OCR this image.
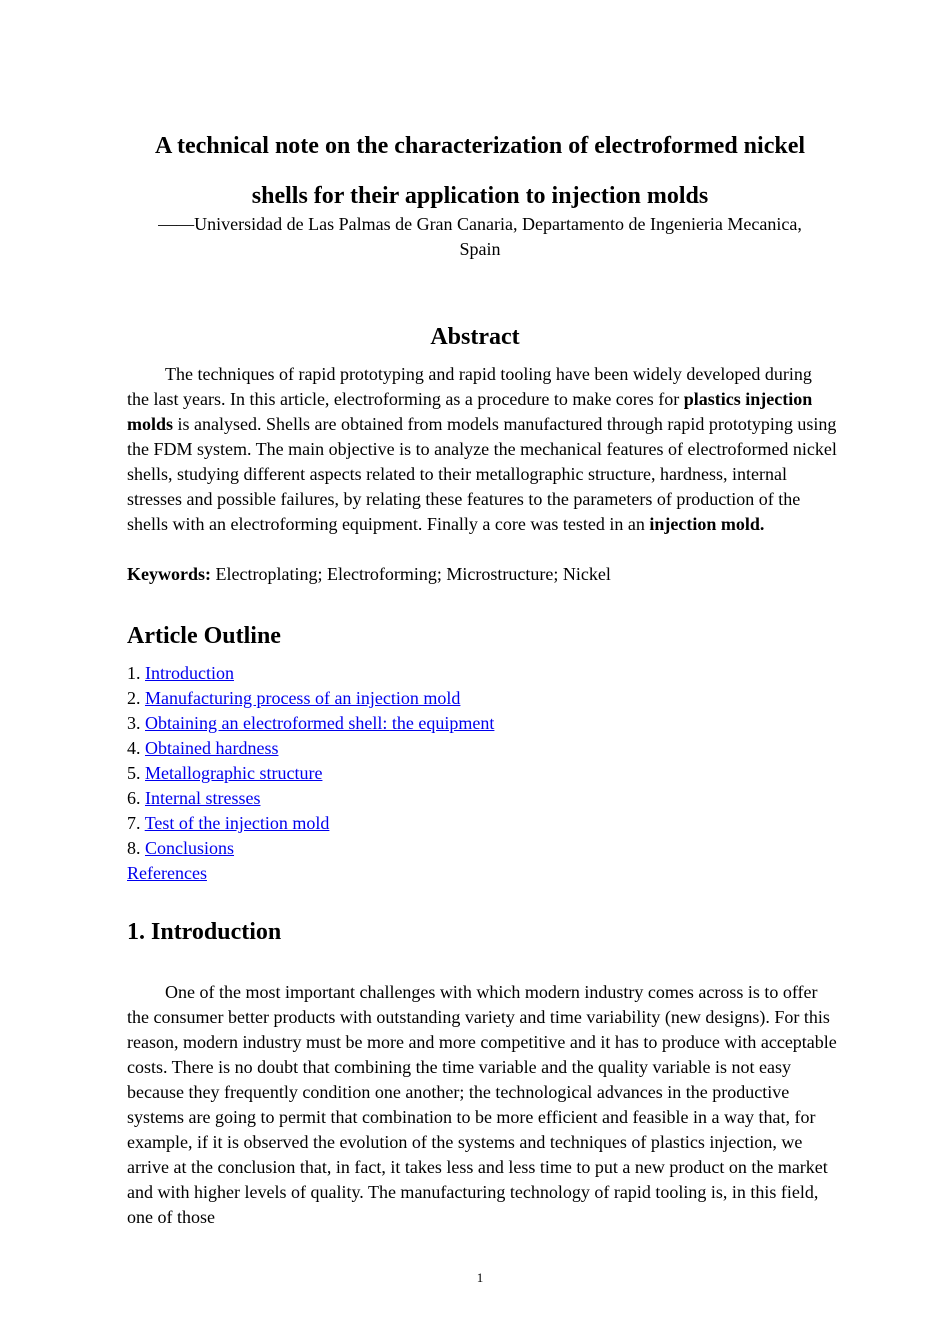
A technical note on the characterization of electroformed nickel
shells for their application to injection molds

——Universidad de Las Palmas de Gran Canaria, Departamento de Ingenieria Mecanica,
Spain

Abstract

The techniques of rapid prototyping and rapid tooling have been widely developed during the last years. In this article, electroforming as a procedure to make cores for plastics injection molds is analysed. Shells are obtained from models manufactured through rapid prototyping using the FDM system. The main objective is to analyze the mechanical features of electroformed nickel shells, studying different aspects related to their metallographic structure, hardness, internal stresses and possible failures, by relating these features to the parameters of production of the shells with an electroforming equipment. Finally a core was tested in an injection mold.

Keywords: Electroplating; Electroforming; Microstructure; Nickel

Article Outline
1. Introduction
2. Manufacturing process of an injection mold
3. Obtaining an electroformed shell: the equipment
4. Obtained hardness
5. Metallographic structure
6. Internal stresses
7. Test of the injection mold
8. Conclusions
References
1. Introduction

One of the most important challenges with which modern industry comes across is to offer the consumer better products with outstanding variety and time variability (new designs). For this reason, modern industry must be more and more competitive and it has to produce with acceptable costs. There is no doubt that combining the time variable and the quality variable is not easy because they frequently condition one another; the technological advances in the productive systems are going to permit that combination to be more efficient and feasible in a way that, for example, if it is observed the evolution of the systems and techniques of plastics injection, we arrive at the conclusion that, in fact, it takes less and less time to put a new product on the market and with higher levels of quality. The manufacturing technology of rapid tooling is, in this field, one of those

1
